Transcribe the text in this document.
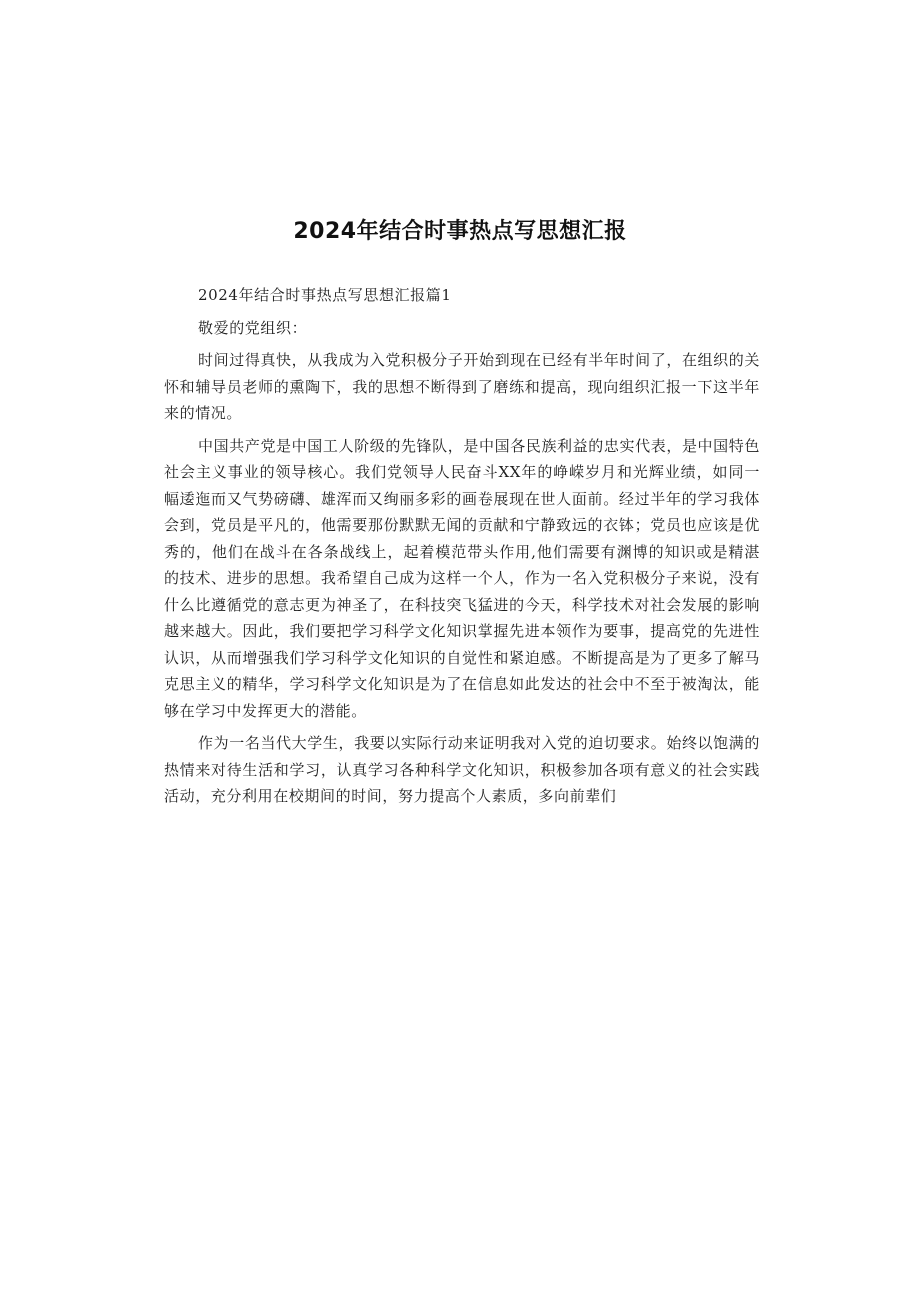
2024年结合时事热点写思想汇报

2024年结合时事热点写思想汇报篇1

敬爱的党组织：

时间过得真快，从我成为入党积极分子开始到现在已经有半年时间了，在组织的关怀和辅导员老师的熏陶下，我的思想不断得到了磨练和提高，现向组织汇报一下这半年来的情况。

中国共产党是中国工人阶级的先锋队，是中国各民族利益的忠实代表，是中国特色社会主义事业的领导核心。我们党领导人民奋斗XX年的峥嵘岁月和光辉业绩，如同一幅逶迤而又气势磅礴、雄浑而又绚丽多彩的画卷展现在世人面前。经过半年的学习我体会到，党员是平凡的，他需要那份默默无闻的贡献和宁静致远的衣钵；党员也应该是优秀的，他们在战斗在各条战线上，起着模范带头作用,他们需要有渊博的知识或是精湛的技术、进步的思想。我希望自己成为这样一个人，作为一名入党积极分子来说，没有什么比遵循党的意志更为神圣了，在科技突飞猛进的今天，科学技术对社会发展的影响越来越大。因此，我们要把学习科学文化知识掌握先进本领作为要事，提高党的先进性认识，从而增强我们学习科学文化知识的自觉性和紧迫感。不断提高是为了更多了解马克思主义的精华，学习科学文化知识是为了在信息如此发达的社会中不至于被淘汰，能够在学习中发挥更大的潜能。

作为一名当代大学生，我要以实际行动来证明我对入党的迫切要求。始终以饱满的热情来对待生活和学习，认真学习各种科学文化知识，积极参加各项有意义的社会实践活动，充分利用在校期间的时间，努力提高个人素质，多向前辈们
